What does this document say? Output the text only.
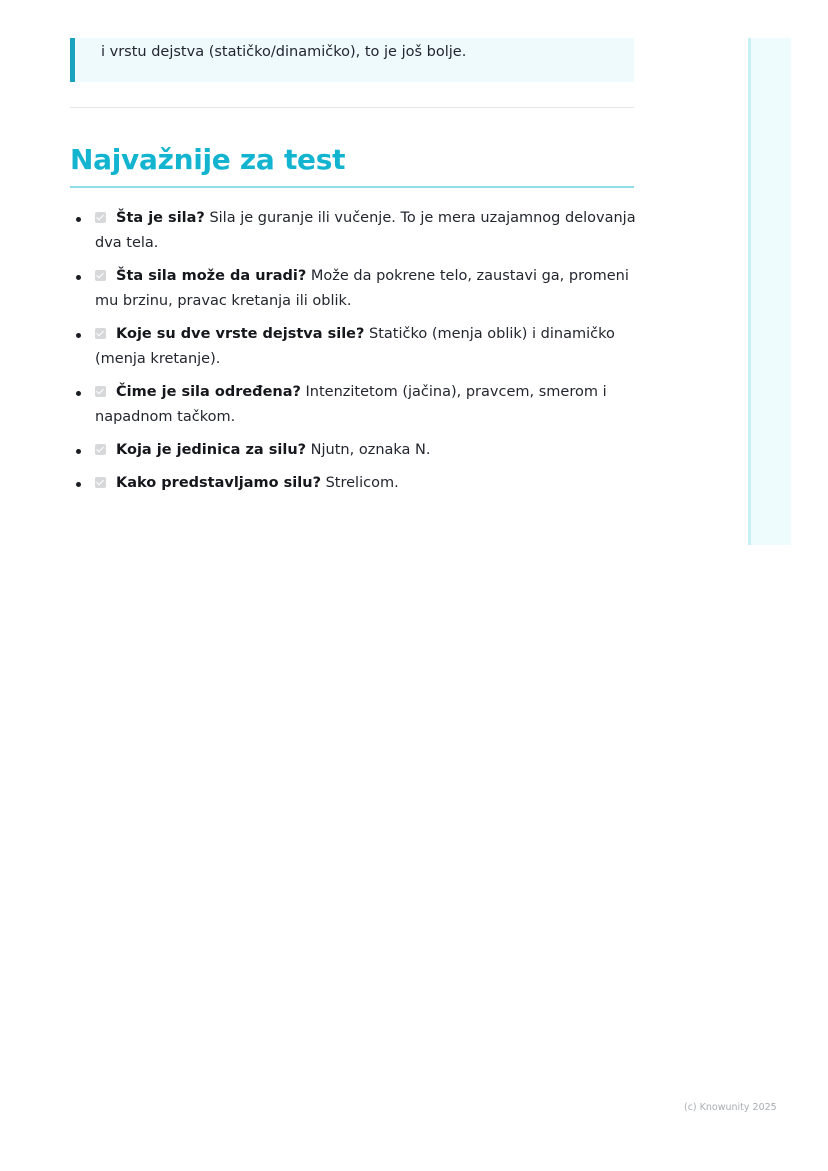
i vrstu dejstva (statičko/dinamičko), to je još bolje.
Najvažnije za test
Šta je sila? Sila je guranje ili vučenje. To je mera uzajamnog delovanja dva tela.
Šta sila može da uradi? Može da pokrene telo, zaustavi ga, promeni mu brzinu, pravac kretanja ili oblik.
Koje su dve vrste dejstva sile? Statičko (menja oblik) i dinamičko (menja kretanje).
Čime je sila određena? Intenzitetom (jačina), pravcem, smerom i napadnom tačkom.
Koja je jedinica za silu? Njutn, oznaka N.
Kako predstavljamo silu? Strelicom.
(c) Knowunity 2025
